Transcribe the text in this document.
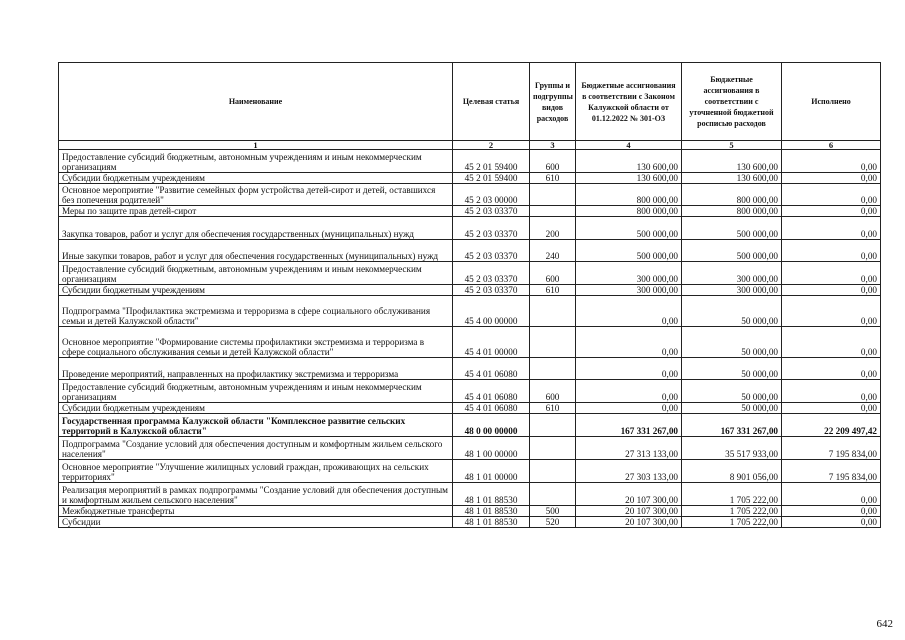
Наименование	Целевая статья	Группы и подгруппы видов расходов	Бюджетные ассигнования в соответствии с Законом Калужской области от 01.12.2022 № 301-ОЗ	Бюджетные ассигнования в соответствии с уточненной бюджетной росписью расходов	Исполнено
1	2	3	4	5	6
Предоставление субсидий бюджетным, автономным учреждениям и иным некоммерческим организациям	45 2 01 59400	600	130 600,00	130 600,00	0,00
Субсидии бюджетным учреждениям	45 2 01 59400	610	130 600,00	130 600,00	0,00
Основное мероприятие "Развитие семейных форм устройства детей-сирот и детей, оставшихся без попечения родителей"	45 2 03 00000		800 000,00	800 000,00	0,00
Меры по защите прав детей-сирот	45 2 03 03370		800 000,00	800 000,00	0,00
Закупка товаров, работ и услуг для обеспечения государственных (муниципальных) нужд	45 2 03 03370	200	500 000,00	500 000,00	0,00
Иные закупки товаров, работ и услуг для обеспечения государственных (муниципальных) нужд	45 2 03 03370	240	500 000,00	500 000,00	0,00
Предоставление субсидий бюджетным, автономным учреждениям и иным некоммерческим организациям	45 2 03 03370	600	300 000,00	300 000,00	0,00
Субсидии бюджетным учреждениям	45 2 03 03370	610	300 000,00	300 000,00	0,00
Подпрограмма "Профилактика экстремизма и терроризма в сфере социального обслуживания семьи и детей Калужской области"	45 4 00 00000		0,00	50 000,00	0,00
Основное мероприятие "Формирование системы профилактики экстремизма и терроризма в сфере социального обслуживания семьи и детей Калужской области"	45 4 01 00000		0,00	50 000,00	0,00
Проведение мероприятий, направленных на профилактику экстремизма и терроризма	45 4 01 06080		0,00	50 000,00	0,00
Предоставление субсидий бюджетным, автономным учреждениям и иным некоммерческим организациям	45 4 01 06080	600	0,00	50 000,00	0,00
Субсидии бюджетным учреждениям	45 4 01 06080	610	0,00	50 000,00	0,00
Государственная программа Калужской области "Комплексное развитие сельских территорий в Калужской области"	48 0 00 00000		167 331 267,00	167 331 267,00	22 209 497,42
Подпрограмма "Создание условий для обеспечения доступным и комфортным жильем сельского населения"	48 1 00 00000		27 313 133,00	35 517 933,00	7 195 834,00
Основное мероприятие "Улучшение жилищных условий граждан, проживающих на сельских территориях"	48 1 01 00000		27 303 133,00	8 901 056,00	7 195 834,00
Реализация мероприятий в рамках подпрограммы "Создание условий для обеспечения доступным и комфортным жильем сельского населения"	48 1 01 88530		20 107 300,00	1 705 222,00	0,00
Межбюджетные трансферты	48 1 01 88530	500	20 107 300,00	1 705 222,00	0,00
Субсидии	48 1 01 88530	520	20 107 300,00	1 705 222,00	0,00
642
